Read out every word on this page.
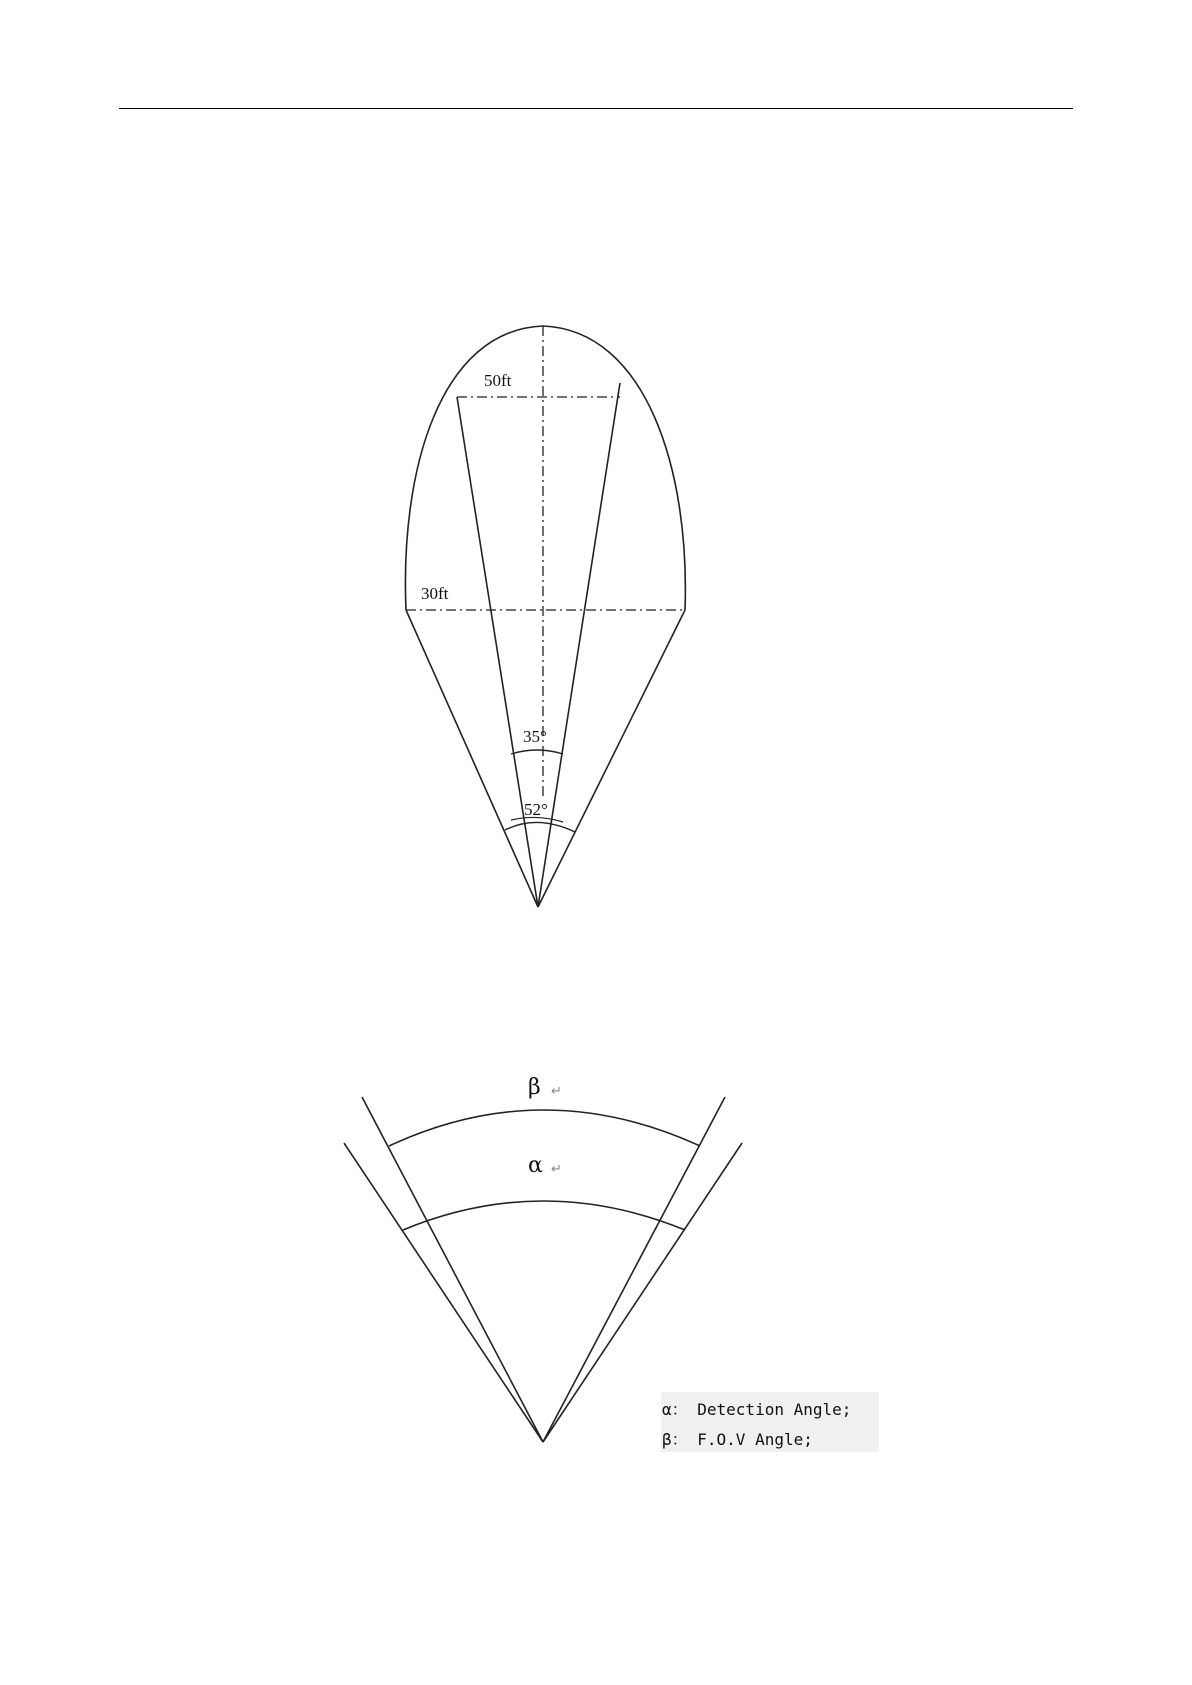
50ft
30ft
35°
52°
β ↵
α ↵
α： Detection Angle;
β： F.O.V Angle;
